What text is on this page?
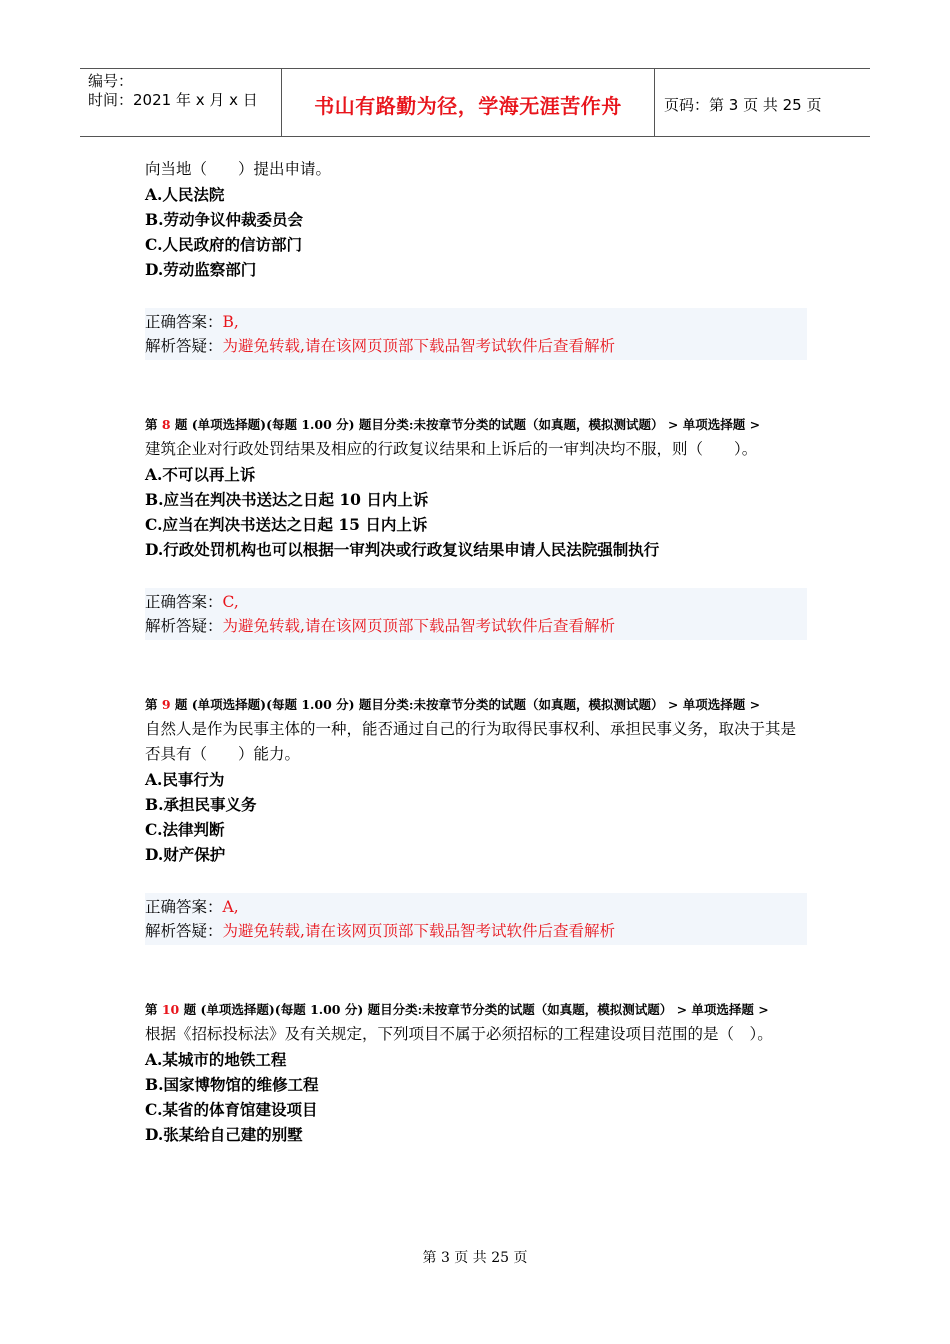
编号：
时间：2021 年 x 月 x 日	书山有路勤为径，学海无涯苦作舟	页码：第 3 页 共 25 页
向当地（　　）提出申请。
A.人民法院
B.劳动争议仲裁委员会
C.人民政府的信访部门
D.劳动监察部门
正确答案：B,
解析答疑：为避免转载,请在该网页顶部下载品智考试软件后查看解析
第 8 题 (单项选择题)(每题 1.00 分) 题目分类:未按章节分类的试题（如真题，模拟测试题） > 单项选择题 >
建筑企业对行政处罚结果及相应的行政复议结果和上诉后的一审判决均不服，则（　　）。
A.不可以再上诉
B.应当在判决书送达之日起 10 日内上诉
C.应当在判决书送达之日起 15 日内上诉
D.行政处罚机构也可以根据一审判决或行政复议结果申请人民法院强制执行
正确答案：C,
解析答疑：为避免转载,请在该网页顶部下载品智考试软件后查看解析
第 9 题 (单项选择题)(每题 1.00 分) 题目分类:未按章节分类的试题（如真题，模拟测试题） > 单项选择题 >
自然人是作为民事主体的一种，能否通过自己的行为取得民事权利、承担民事义务，取决于其是否具有（　　）能力。
A.民事行为
B.承担民事义务
C.法律判断
D.财产保护
正确答案：A,
解析答疑：为避免转载,请在该网页顶部下载品智考试软件后查看解析
第 10 题 (单项选择题)(每题 1.00 分) 题目分类:未按章节分类的试题（如真题，模拟测试题） > 单项选择题 >
根据《招标投标法》及有关规定，下列项目不属于必须招标的工程建设项目范围的是（　）。
A.某城市的地铁工程
B.国家博物馆的维修工程
C.某省的体育馆建设项目
D.张某给自己建的别墅
第 3 页 共 25 页
